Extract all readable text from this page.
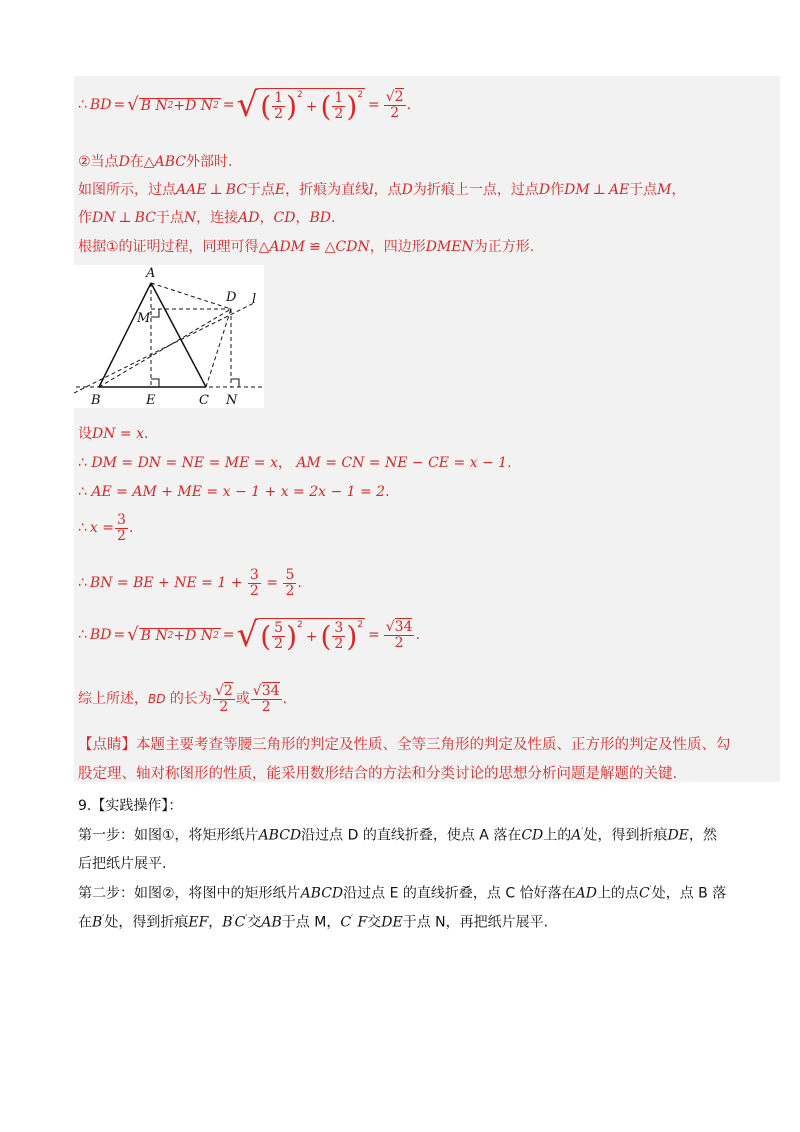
∴ BD = √ B N 2 + D N 2 = √ ( $\frac{1}{2} )^2$
+ ( $\frac{1}{2} )^2$
= $\frac{√2}{2}$ .
②当点D在△ABC外部时.
如图所示，过点AAE ⊥ BC于点E，折痕为直线l，点D为折痕上一点，过点D作DM ⊥ AE于点M，
作DN ⊥ BC于点N，连接AD，CD，BD.
根据①的证明过程，同理可得△ADM ≌ △CDN，四边形DMEN为正方形.
A
D l
M
B	E	C N
设DN = x.
∴ DM = DN = NE = ME = x， AM = CN = NE − CE = x − 1.
∴ AE = AM + ME = x − 1 + x = 2x − 1 = 2.
∴ $x = \frac{3}{2}$ .
∴ BN = BE + NE = $1 + \frac{3}{2} = \frac{5}{2}$ .
∴ BD = √ B N 2 + D N 2 = √ ( $\frac{5}{2} )^2$
+ ( $\frac{3}{2} )^2$
= $\frac{√34}{2}$ .
综上所述， BD 的长为 $\frac{√2}{2}$ 或 $\frac{√34}{2}$ .
【点睛】本题主要考查等腰三角形的判定及性质、全等三角形的判定及性质、正方形的判定及性质、勾
股定理、轴对称图形的性质，能采用数形结合的方法和分类讨论的思想分析问题是解题的关键.
9.【实践操作】：
第一步：如图①，将矩形纸片ABCD沿过点 D 的直线折叠，使点 A 落在CD上的A′处，得到折痕DE，然
后把纸片展平.
第二步：如图②，将图中的矩形纸片ABCD沿过点 E 的直线折叠，点 C 恰好落在AD上的点C′处，点 B 落
在B′处，得到折痕EF，B′C′交AB于点 M，C′ F交DE于点 N，再把纸片展平.
